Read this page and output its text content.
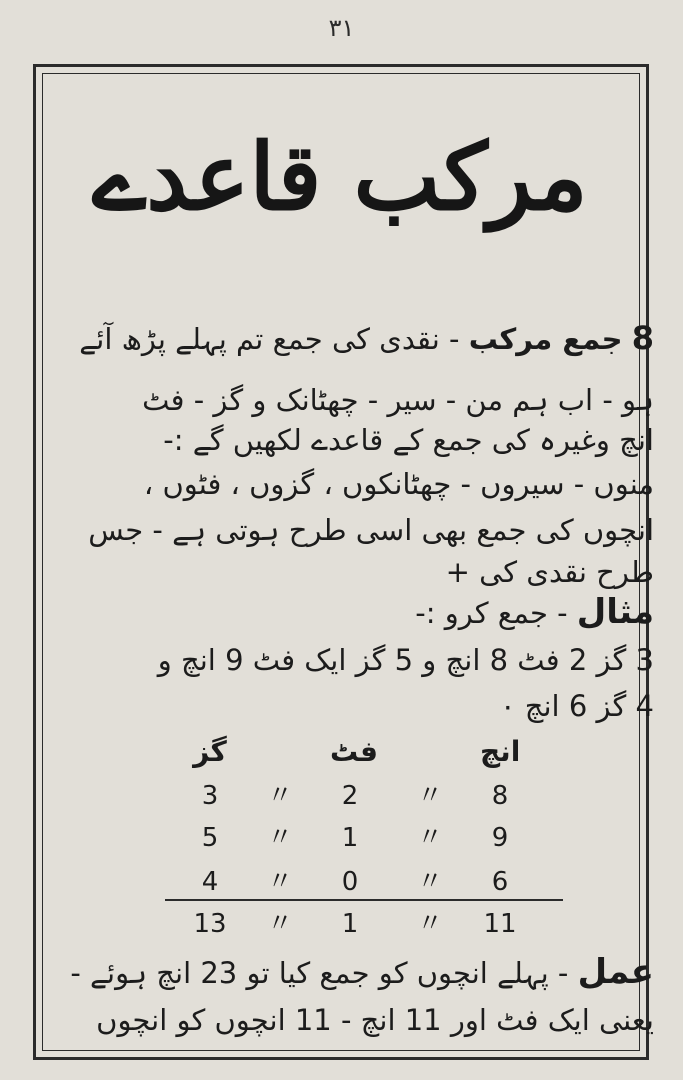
۳۱
مرکب قاعدے
8 جمع مرکب - نقدی کی جمع تم پہلے پڑھ آئے
ہو - اب ہم من - سیر - چھٹانک و گز - فٹ
انچ وغیرہ کی جمع کے قاعدے لکھیں گے :-
منوں - سیروں - چھٹانکوں ، گزوں ، فٹوں ،
انچوں کی جمع بھی اسی طرح ہوتی ہے - جس
طرح نقدی کی +
مثال - جمع کرو :-
3 گز 2 فٹ 8 انچ و 5 گز ایک فٹ 9 انچ و
4 گز 6 انچ ٠
گز	فٹ	انچ
3	〃	2	〃	8
5	〃	1	〃	9
4	〃	0	〃	6
13 〃	1	〃 11
عمل - پہلے انچوں کو جمع کیا تو 23 انچ ہوئے -
یعنی ایک فٹ اور 11 انچ - 11 انچوں کو انچوں
